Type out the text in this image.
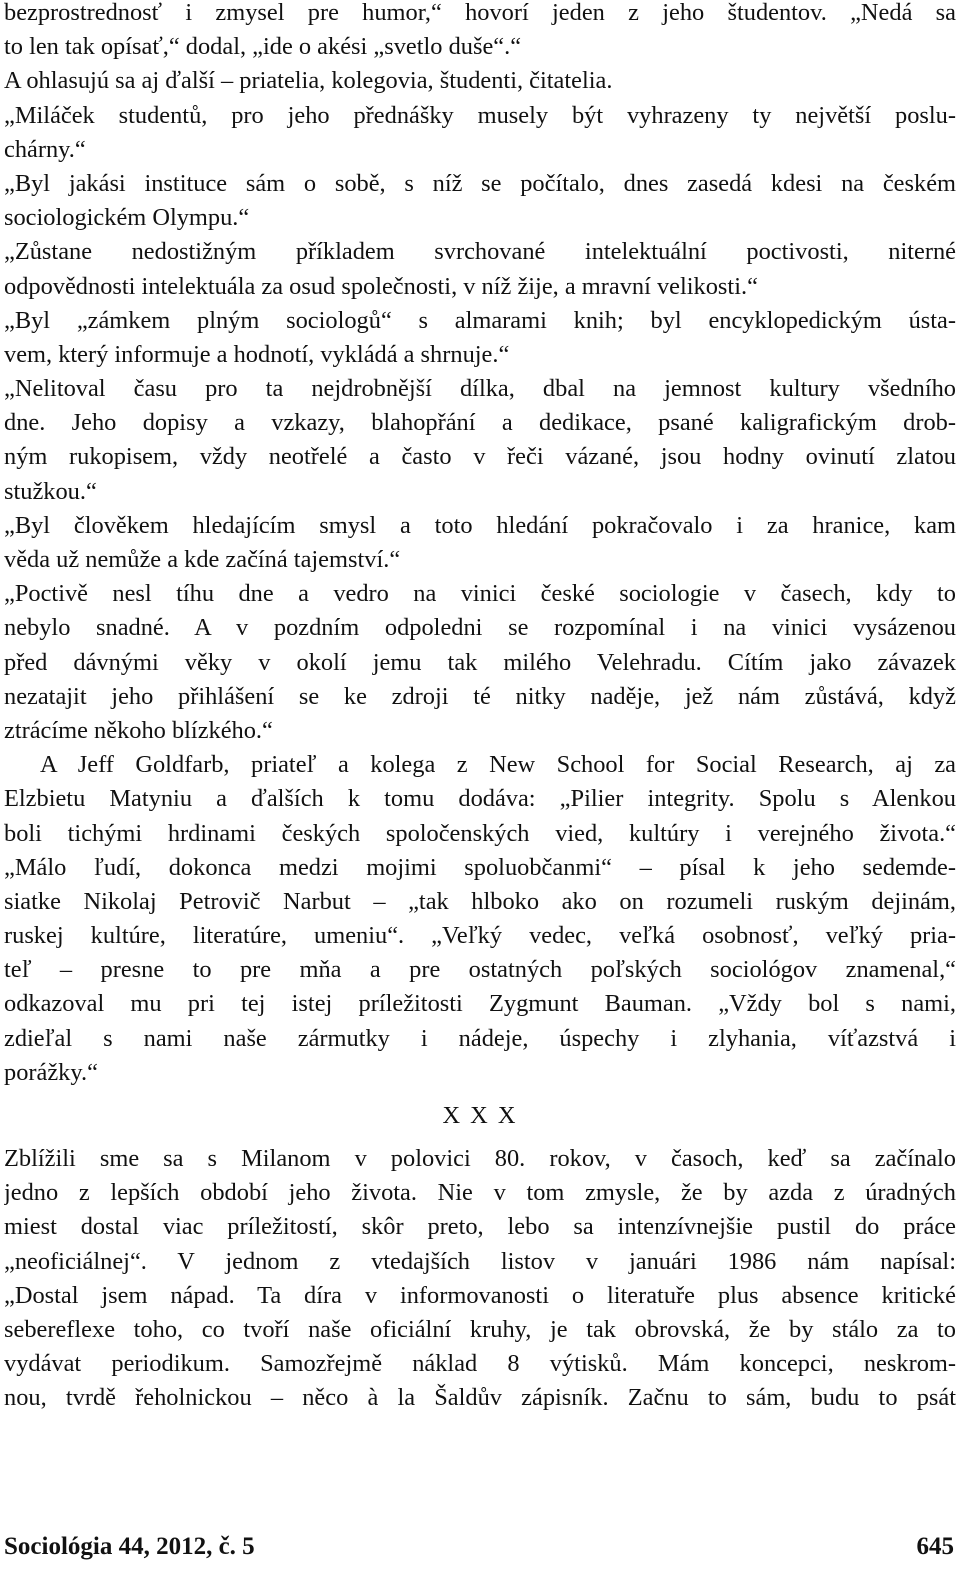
bezprostrednosť i zmysel pre humor,“ hovorí jeden z jeho študentov. „Nedá sa
to len tak opísať,“ dodal, „ide o akési „svetlo duše“.“
A ohlasujú sa aj ďalší – priatelia, kolegovia, študenti, čitatelia.
„Miláček studentů, pro jeho přednášky musely být vyhrazeny ty největší poslu-
chárny.“
„Byl jakási instituce sám o sobě, s níž se počítalo, dnes zasedá kdesi na českém
sociologickém Olympu.“
„Zůstane nedostižným příkladem svrchované intelektuální poctivosti, niterné
odpovědnosti intelektuála za osud společnosti, v níž žije, a mravní velikosti.“
„Byl „zámkem plným sociologů“ s almarami knih; byl encyklopedickým ústa-
vem, který informuje a hodnotí, vykládá a shrnuje.“
„Nelitoval času pro ta nejdrobnější dílka, dbal na jemnost kultury všedního
dne. Jeho dopisy a vzkazy, blahopřání a dedikace, psané kaligrafickým drob-
ným rukopisem, vždy neotřelé a často v řeči vázané, jsou hodny ovinutí zlatou
stužkou.“
„Byl člověkem hledajícím smysl a toto hledání pokračovalo i za hranice, kam
věda už nemůže a kde začíná tajemství.“
„Poctivě nesl tíhu dne a vedro na vinici české sociologie v časech, kdy to
nebylo snadné. A v pozdním odpoledni se rozpomínal i na vinici vysázenou
před dávnými věky v okolí jemu tak milého Velehradu. Cítím jako závazek
nezatajit jeho přihlášení se ke zdroji té nitky naděje, jež nám zůstává, když
ztrácíme někoho blízkého.“
A Jeff Goldfarb, priateľ a kolega z New School for Social Research, aj za
Elzbietu Matyniu a ďalších k tomu dodáva: „Pilier integrity. Spolu s Alenkou
boli tichými hrdinami českých spoločenských vied, kultúry i verejného života.“
„Málo ľudí, dokonca medzi mojimi spoluobčanmi“ – písal k jeho sedemde-
siatke Nikolaj Petrovič Narbut – „tak hlboko ako on rozumeli ruským dejinám,
ruskej kultúre, literatúre, umeniu“. „Veľký vedec, veľká osobnosť, veľký pria-
teľ – presne to pre mňa a pre ostatných poľských sociológov znamenal,“
odkazoval mu pri tej istej príležitosti Zygmunt Bauman. „Vždy bol s nami,
zdieľal s nami naše zármutky i nádeje, úspechy i zlyhania, víťazstvá i
porážky.“
X X X
Zblížili sme sa s Milanom v polovici 80. rokov, v časoch, keď sa začínalo
jedno z lepších období jeho života. Nie v tom zmysle, že by azda z úradných
miest dostal viac príležitostí, skôr preto, lebo sa intenzívnejšie pustil do práce
„neoficiálnej“. V jednom z vtedajších listov v januári 1986 nám napísal:
„Dostal jsem nápad. Ta díra v informovanosti o literatuře plus absence kritické
sebereflexe toho, co tvoří naše oficiální kruhy, je tak obrovská, že by stálo za to
vydávat periodikum. Samozřejmě náklad 8 výtisků. Mám koncepci, neskrom-
nou, tvrdě řeholnickou – něco à la Šaldův zápisník. Začnu to sám, budu to psát
Sociológia 44, 2012, č. 5	645
